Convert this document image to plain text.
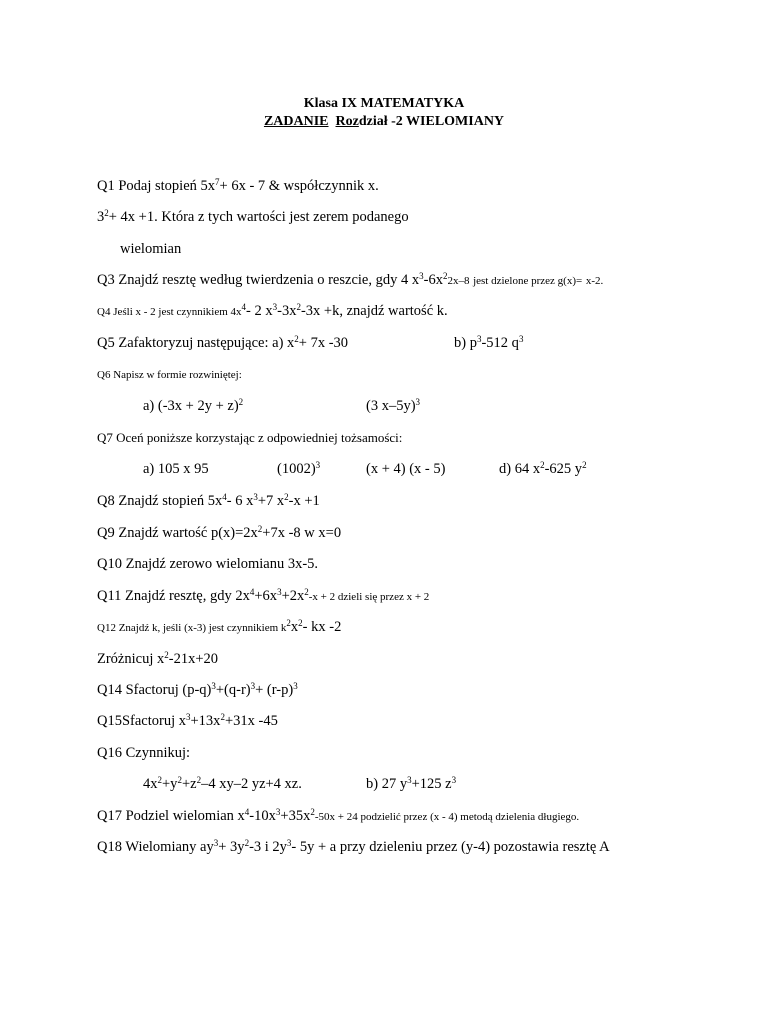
Klasa IX MATEMATYKA
ZADANIE Rozdział -2 WIELOMIANY
Q1 Podaj stopień $5x^7+ 6x - 7$ & współczynnik x.
$3^2+ 4x +1$. Która z tych wartości jest zerem podanego
wielomian
Q3 Znajdź resztę według twierdzenia o reszcie, gdy 4 $x^3-6x^22x-8$ jest dzielone przez g(x)= x-2.
Q4 Jeśli x - 2 jest czynnikiem $4x^4-$ 2 $x^3-3x^2-3x +k$, znajdź wartość k.
Q5 Zafaktoryzuj następujące: a) $x^2+ 7x$ -30	b) $p^3-512$ $q^3$
Q6 Napisz w formie rozwiniętej:
a) $(-3x + 2y + z)^2$	(3 x–5y)$^3$
Q7 Oceń poniższe korzystając z odpowiedniej tożsamości:
a) 105 x 95	$(1002)^3$	(x + 4) (x - 5)	d) 64 $x^2-625$ $y^2$
Q8 Znajdź stopień $5x^4-$ 6 $x^3+7$ $x^2-x +1$
Q9 Znajdź wartość $p(x)=2x^2+7x$ -8 w x=0
Q10 Znajdź zerowo wielomianu 3x-5.
Q11 Znajdź resztę, gdy $2x^4+6x^3+2x^2-x + 2$ dzieli się przez x + 2
Q12 Znajdź k, jeśli (x-3) jest czynnikiem $k^2x^2-$ kx -2
Zróżnicuj $x^2-21x+20$
Q14 Sfactoruj $(p-q)^3+(q-r)^3+ (r-p)^3$
Q15Sfactoruj $x^3+13x^2+31x$ -45
Q16 Czynnikuj:
$4x^2+y^2+z^2-4$ xy–2 yz+4 xz.	b) 27 $y^3+125$ $z^3$
Q17 Podziel wielomian $x^4-10x^3+35x^2-50x + 24$ podzielić przez (x - 4) metodą dzielenia długiego.
Q18 Wielomiany $ay^3+ 3y^2-3$ i $2y^3-$ 5y + a przy dzieleniu przez (y-4) pozostawia resztę A
